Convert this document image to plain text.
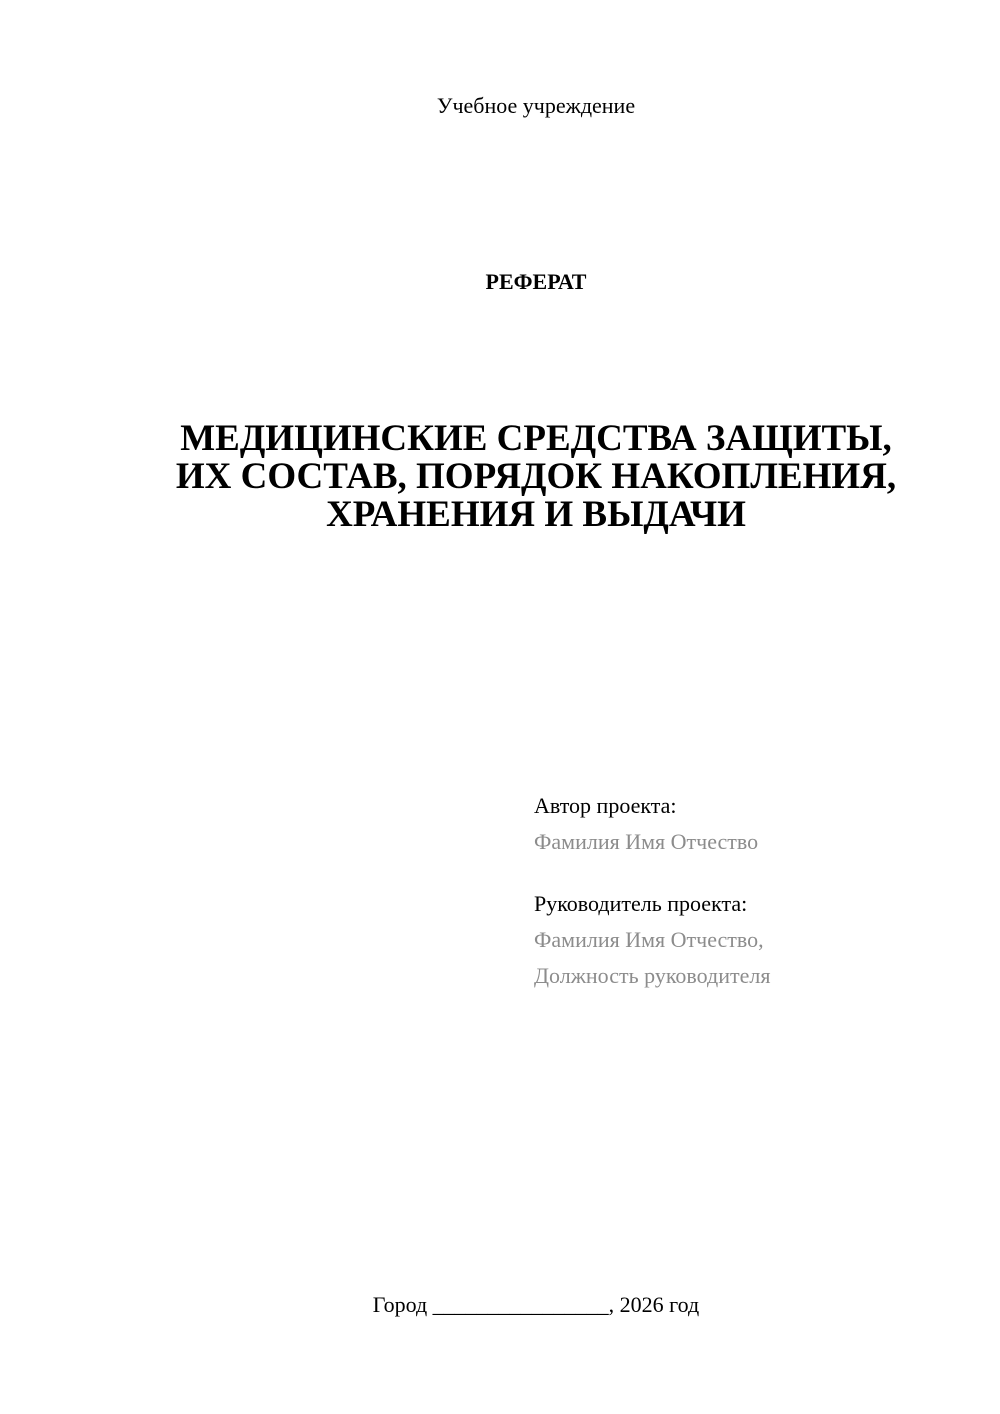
Учебное учреждение
РЕФЕРАТ
МЕДИЦИНСКИЕ СРЕДСТВА ЗАЩИТЫ,
ИХ СОСТАВ, ПОРЯДОК НАКОПЛЕНИЯ,
ХРАНЕНИЯ И ВЫДАЧИ
Автор проекта:
Фамилия Имя Отчество
Руководитель проекта:
Фамилия Имя Отчество,
Должность руководителя
Город ________________, 2026 год
